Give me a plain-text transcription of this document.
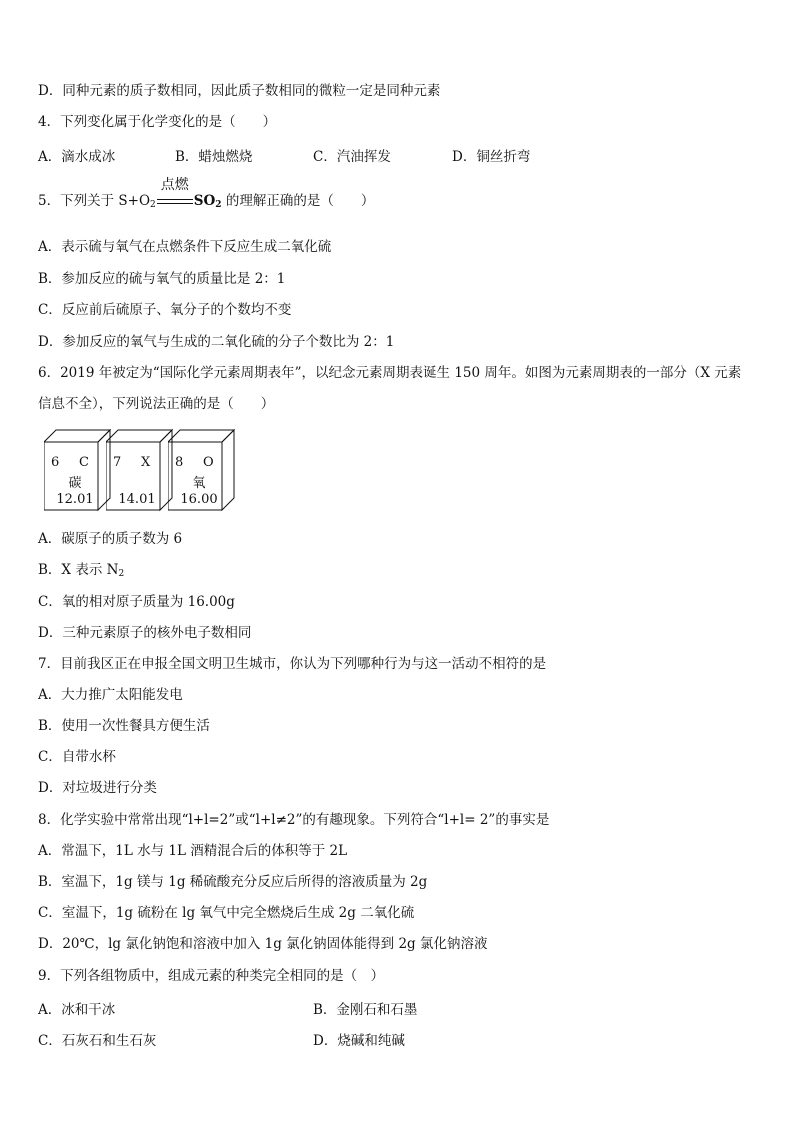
D．同种元素的质子数相同，因此质子数相同的微粒一定是同种元素
4．下列变化属于化学变化的是（　　）
A．滴水成冰	B．蜡烛燃烧	C．汽油挥发	D．铜丝折弯
5．下列关于 $S+O_2$
点燃
$SO_2$ 的理解正确的是（　　）
A．表示硫与氧气在点燃条件下反应生成二氧化硫
B．参加反应的硫与氧气的质量比是 2：1
C．反应前后硫原子、氧分子的个数均不变
D．参加反应的氧气与生成的二氧化硫的分子个数比为 2：1
6．2019 年被定为“国际化学元素周期表年”，以纪念元素周期表诞生 150 周年。如图为元素周期表的一部分（X 元素
信息不全），下列说法正确的是（　　）
6 C
碳
12.01
7 X
14.01
8 O
氧
16.00
A．碳原子的质子数为 6
B．X 表示 $N_2$
C．氧的相对原子质量为 16.00g
D．三种元素原子的核外电子数相同
7．目前我区正在申报全国文明卫生城市，你认为下列哪种行为与这一活动不相符的是
A．大力推广太阳能发电
B．使用一次性餐具方便生活
C．自带水杯
D．对垃圾进行分类
8．化学实验中常常出现“l+l=2”或“l+l≠2”的有趣现象。下列符合“l+l= 2”的事实是
A．常温下，1L 水与 1L 酒精混合后的体积等于 2L
B．室温下，1g 镁与 1g 稀硫酸充分反应后所得的溶液质量为 2g
C．室温下，1g 硫粉在 lg 氧气中完全燃烧后生成 2g 二氧化硫
D．20℃，lg 氯化钠饱和溶液中加入 1g 氯化钠固体能得到 2g 氯化钠溶液
9．下列各组物质中，组成元素的种类完全相同的是（　）
A．冰和干冰	B．金刚石和石墨
C．石灰石和生石灰	D．烧碱和纯碱
